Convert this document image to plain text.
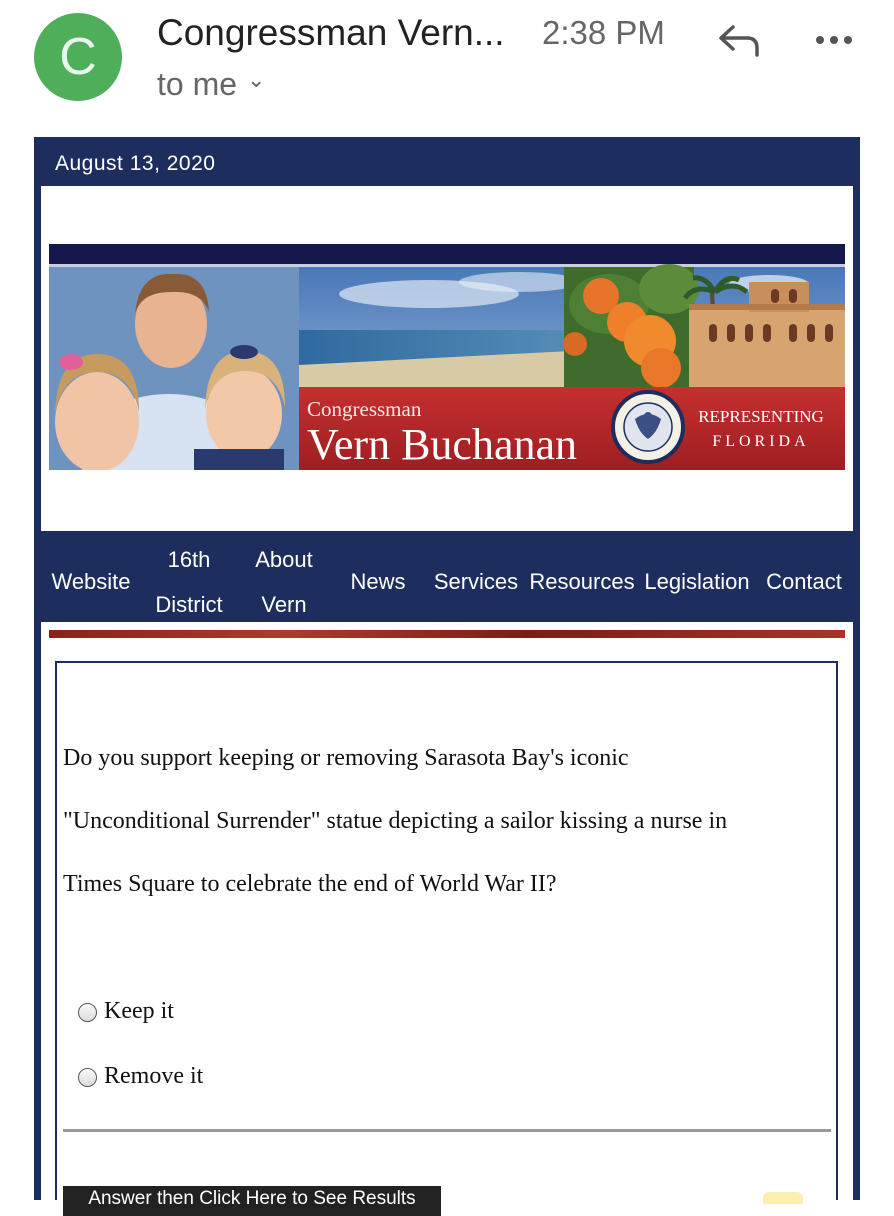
C	Congressman Vern... 2:38 PM
to me ⌄
August 13, 2020
Congressman
Vern Buchanan
REPRESENTING
FLORIDA
Website
16th
District
About
Vern
News	Services Resources Legislation Contact
Do you support keeping or removing Sarasota Bay's iconic
"Unconditional Surrender" statue depicting a sailor kissing a nurse in
Times Square to celebrate the end of World War II?
Keep it
Remove it
Answer then Click Here to See Results
